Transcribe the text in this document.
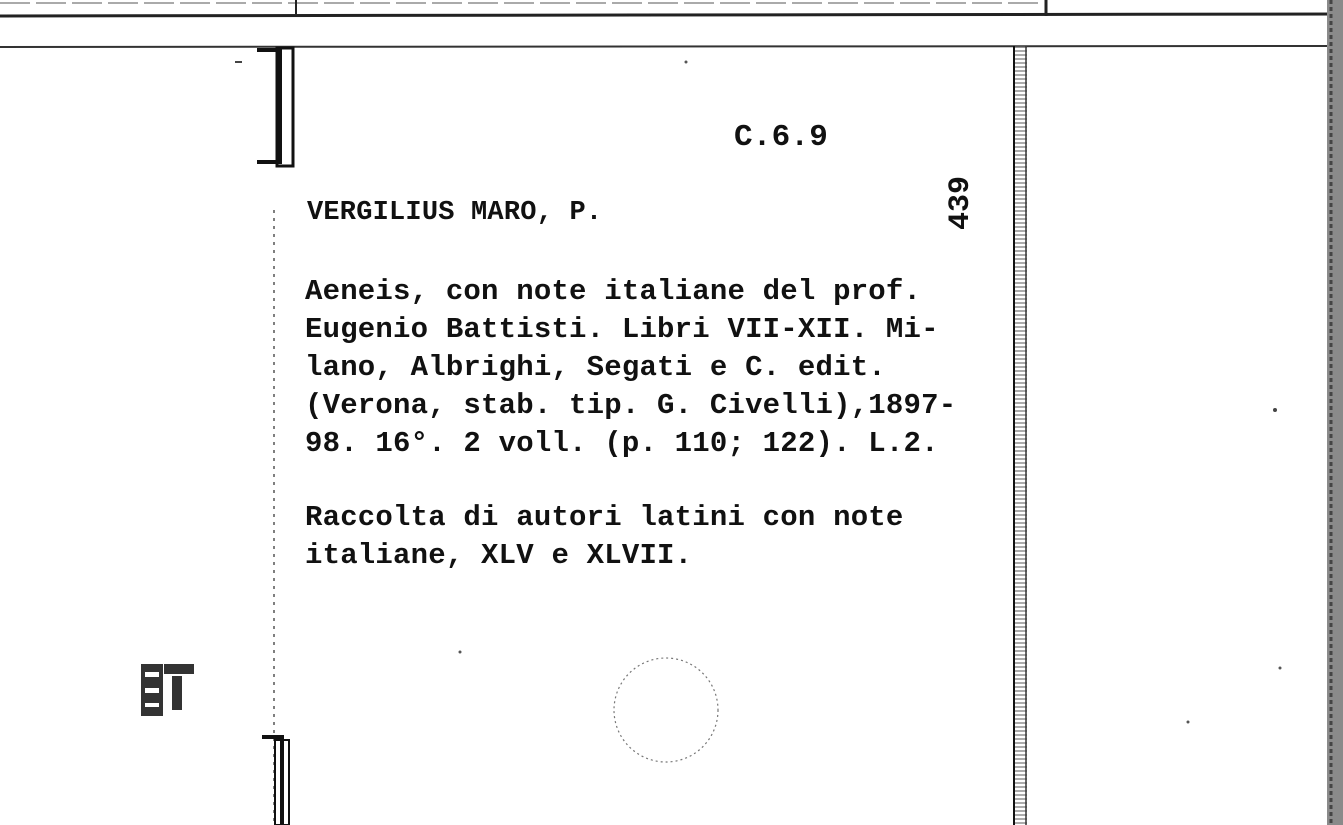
C.6.9
VERGILIUS MARO, P.	439
Aeneis, con note italiane del prof.
Eugenio Battisti. Libri VII-XII. Mi-
lano, Albrighi, Segati e C. edit.
(Verona, stab. tip. G. Civelli),1897-
98. 16°. 2 voll. (p. 110; 122). L.2.
Raccolta di autori latini con note
italiane, XLV e XLVII.
